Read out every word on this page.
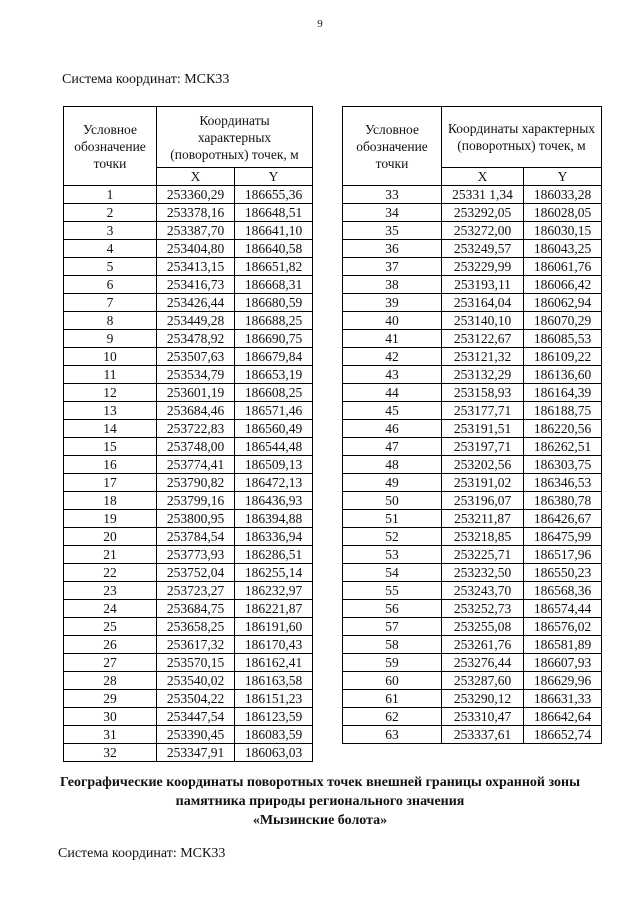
9
Система координат: МСК33
Условное обозначение точки	Координаты характерных (поворотных) точек, м	
	X	Y
1	253360,29	186655,36
2	253378,16	186648,51
3	253387,70	186641,10
4	253404,80	186640,58
5	253413,15	186651,82
6	253416,73	186668,31
7	253426,44	186680,59
8	253449,28	186688,25
9	253478,92	186690,75
10	253507,63	186679,84
11	253534,79	186653,19
12	253601,19	186608,25
13	253684,46	186571,46
14	253722,83	186560,49
15	253748,00	186544,48
16	253774,41	186509,13
17	253790,82	186472,13
18	253799,16	186436,93
19	253800,95	186394,88
20	253784,54	186336,94
21	253773,93	186286,51
22	253752,04	186255,14
23	253723,27	186232,97
24	253684,75	186221,87
25	253658,25	186191,60
26	253617,32	186170,43
27	253570,15	186162,41
28	253540,02	186163,58
29	253504,22	186151,23
30	253447,54	186123,59
31	253390,45	186083,59
32	253347,91	186063,03
Условное обозначение точки	Координаты характерных (поворотных) точек, м	
	X	Y
33	25331 1,34	186033,28
34	253292,05	186028,05
35	253272,00	186030,15
36	253249,57	186043,25
37	253229,99	186061,76
38	253193,11	186066,42
39	253164,04	186062,94
40	253140,10	186070,29
41	253122,67	186085,53
42	253121,32	186109,22
43	253132,29	186136,60
44	253158,93	186164,39
45	253177,71	186188,75
46	253191,51	186220,56
47	253197,71	186262,51
48	253202,56	186303,75
49	253191,02	186346,53
50	253196,07	186380,78
51	253211,87	186426,67
52	253218,85	186475,99
53	253225,71	186517,96
54	253232,50	186550,23
55	253243,70	186568,36
56	253252,73	186574,44
57	253255,08	186576,02
58	253261,76	186581,89
59	253276,44	186607,93
60	253287,60	186629,96
61	253290,12	186631,33
62	253310,47	186642,64
63	253337,61	186652,74
Географические координаты поворотных точек внешней границы охранной зоны
памятника природы регионального значения
«Мызинские болота»
Система координат: МСК33
